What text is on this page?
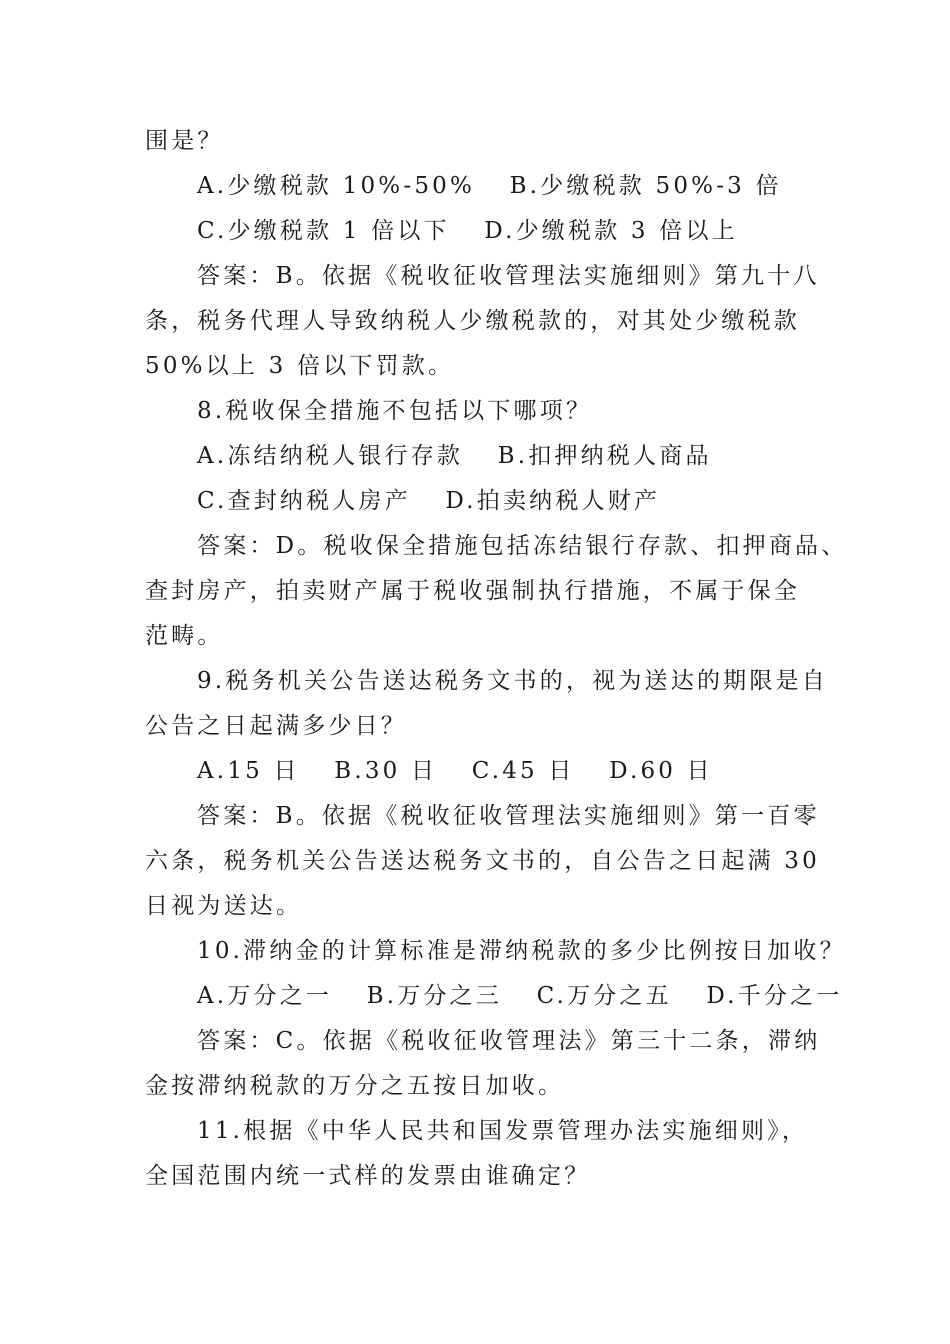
围是？
A.少缴税款 10%-50% B.少缴税款 50%-3 倍
C.少缴税款 1 倍以下 D.少缴税款 3 倍以上
答案：B。依据《税收征收管理法实施细则》第九十八
条，税务代理人导致纳税人少缴税款的，对其处少缴税款
50%以上 3 倍以下罚款。
8.税收保全措施不包括以下哪项？
A.冻结纳税人银行存款 B.扣押纳税人商品
C.查封纳税人房产 D.拍卖纳税人财产
答案：D。税收保全措施包括冻结银行存款、扣押商品、
查封房产，拍卖财产属于税收强制执行措施，不属于保全
范畴。
9.税务机关公告送达税务文书的，视为送达的期限是自
公告之日起满多少日？
A.15 日 B.30 日 C.45 日 D.60 日
答案：B。依据《税收征收管理法实施细则》第一百零
六条，税务机关公告送达税务文书的，自公告之日起满 30
日视为送达。
10.滞纳金的计算标准是滞纳税款的多少比例按日加收？
A.万分之一 B.万分之三 C.万分之五 D.千分之一
答案：C。依据《税收征收管理法》第三十二条，滞纳
金按滞纳税款的万分之五按日加收。
11.根据《中华人民共和国发票管理办法实施细则》，
全国范围内统一式样的发票由谁确定？
